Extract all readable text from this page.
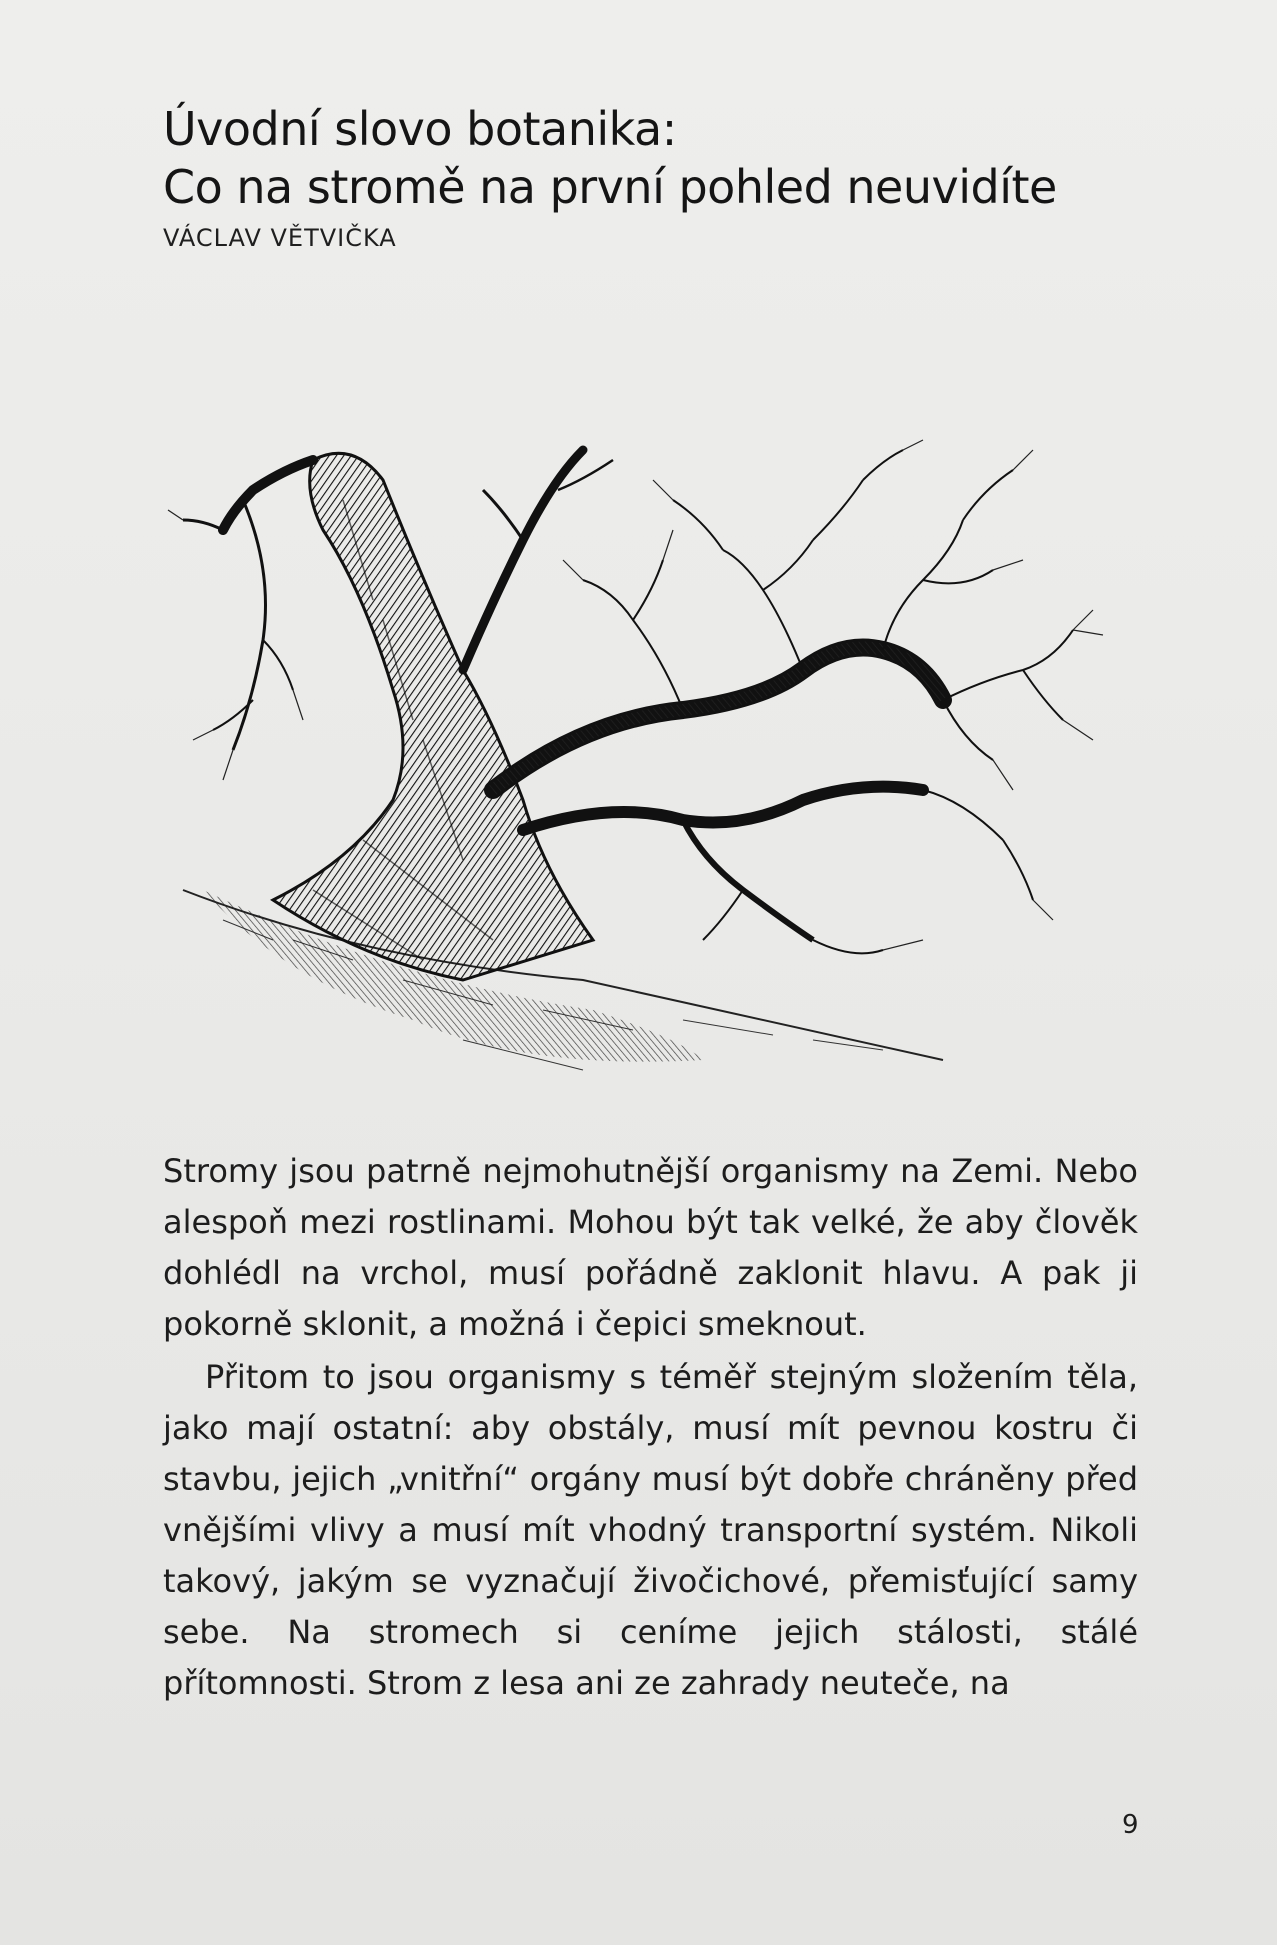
Úvodní slovo botanika:
Co na stromě na první pohled neuvidíte
VÁCLAV VĚTVIČKA

Stromy jsou patrně nejmohutnější organismy na Zemi. Nebo alespoň mezi rostlinami. Mohou být tak velké, že aby člověk dohlédl na vrchol, musí pořádně zaklonit hlavu. A pak ji pokorně sklonit, a možná i čepici smeknout.

Přitom to jsou organismy s téměř stejným složením těla, jako mají ostatní: aby obstály, musí mít pevnou kostru či stavbu, jejich „vnitřní“ orgány musí být dobře chráněny před vnějšími vlivy a musí mít vhodný transportní systém. Nikoli takový, jakým se vyznačují živočichové, přemisťující samy sebe. Na stromech si ceníme jejich stálosti, stálé přítomnosti. Strom z lesa ani ze zahrady neuteče, na

9
